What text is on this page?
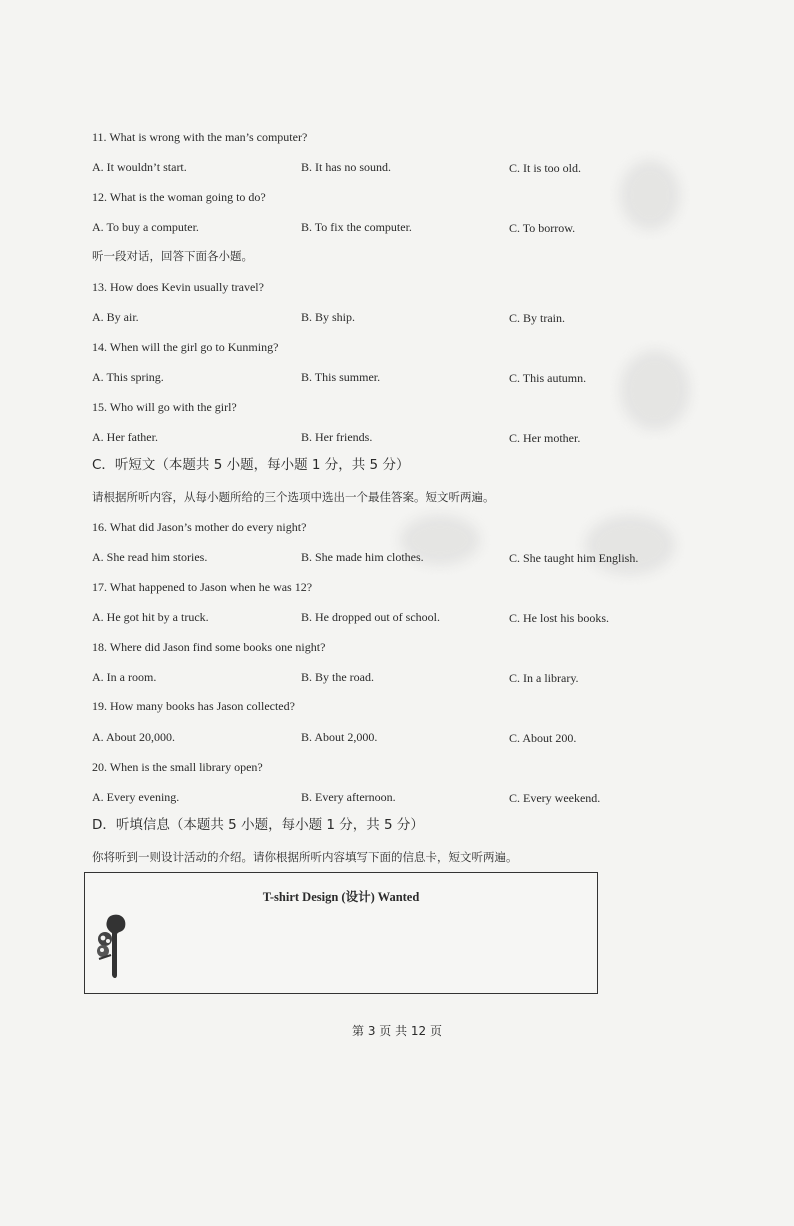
11. What is wrong with the man’s computer?
A. It wouldn’t start.	B. It has no sound.	C. It is too old.
12. What is the woman going to do?
A. To buy a computer.	B. To fix the computer.	C. To borrow.
听一段对话，回答下面各小题。
13. How does Kevin usually travel?
A. By air.	B. By ship.	C. By train.
14. When will the girl go to Kunming?
A. This spring.	B. This summer.	C. This autumn.
15. Who will go with the girl?
A. Her father.	B. Her friends.	C. Her mother.
C．听短文（本题共 5 小题，每小题 1 分，共 5 分）
请根据所听内容，从每小题所给的三个选项中选出一个最佳答案。短文听两遍。
16. What did Jason’s mother do every night?
A. She read him stories.	B. She made him clothes.	C. She taught him English.
17. What happened to Jason when he was 12?
A. He got hit by a truck.	B. He dropped out of school.	C. He lost his books.
18. Where did Jason find some books one night?
A. In a room.	B. By the road.	C. In a library.
19. How many books has Jason collected?
A. About 20,000.	B. About 2,000.	C. About 200.
20. When is the small library open?
A. Every evening.	B. Every afternoon.	C. Every weekend.
D．听填信息（本题共 5 小题，每小题 1 分，共 5 分）
你将听到一则设计活动的介绍。请你根据所听内容填写下面的信息卡，短文听两遍。
T-shirt Design (设计) Wanted
第 3 页 共 12 页
